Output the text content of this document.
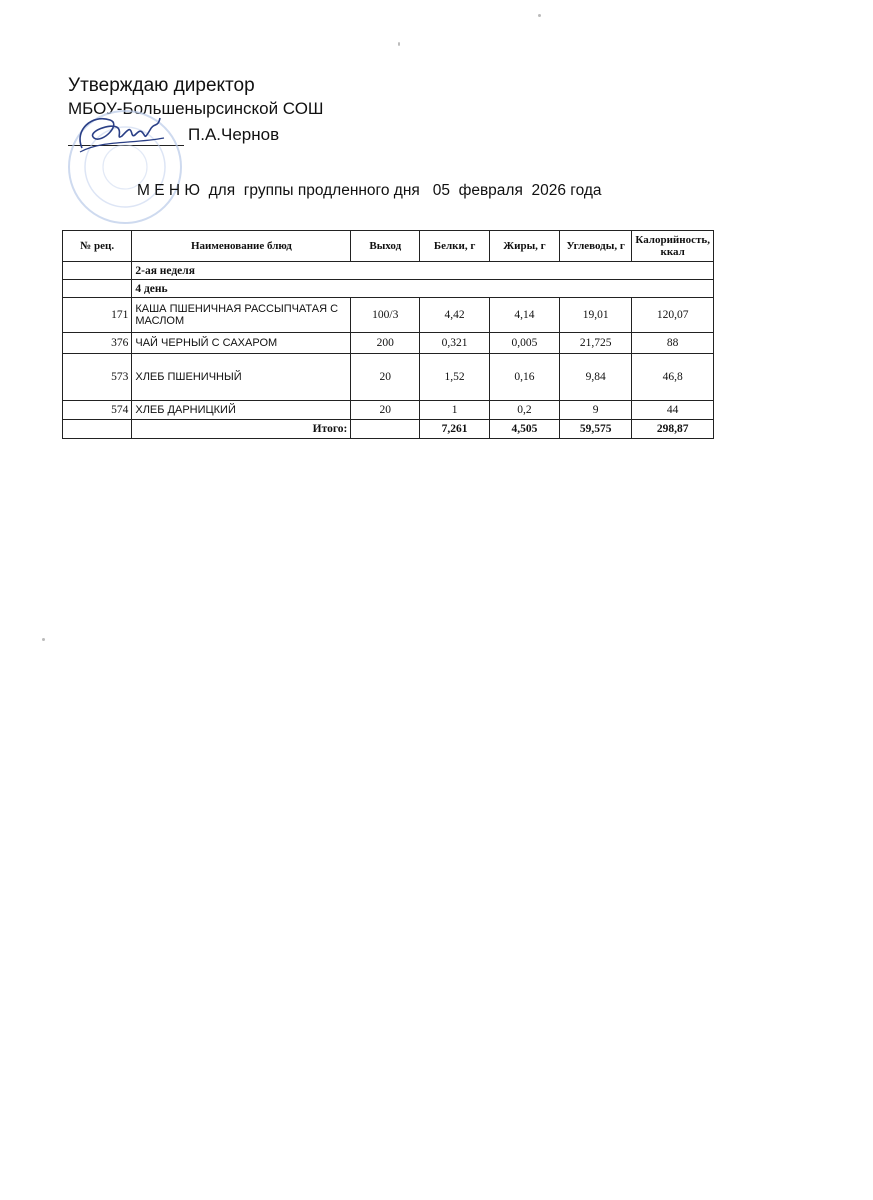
Утверждаю директор
МБОУ-Большенырсинской СОШ
П.А.Чернов
М Е Н Ю  для  группы продленного дня   05  февраля  2026 года
№ рец.	Наименование блюд	Выход	Белки, г	Жиры, г	Углеводы, г	Калорийность, ккал
	2-ая неделя					
	4 день					
171	КАША ПШЕНИЧНАЯ РАССЫПЧАТАЯ С МАСЛОМ	100/3	4,42	4,14	19,01	120,07
376	ЧАЙ ЧЕРНЫЙ С САХАРОМ	200	0,321	0,005	21,725	88
573	ХЛЕБ ПШЕНИЧНЫЙ	20	1,52	0,16	9,84	46,8
574	ХЛЕБ ДАРНИЦКИЙ	20	1	0,2	9	44
	Итого:		7,261	4,505	59,575	298,87
